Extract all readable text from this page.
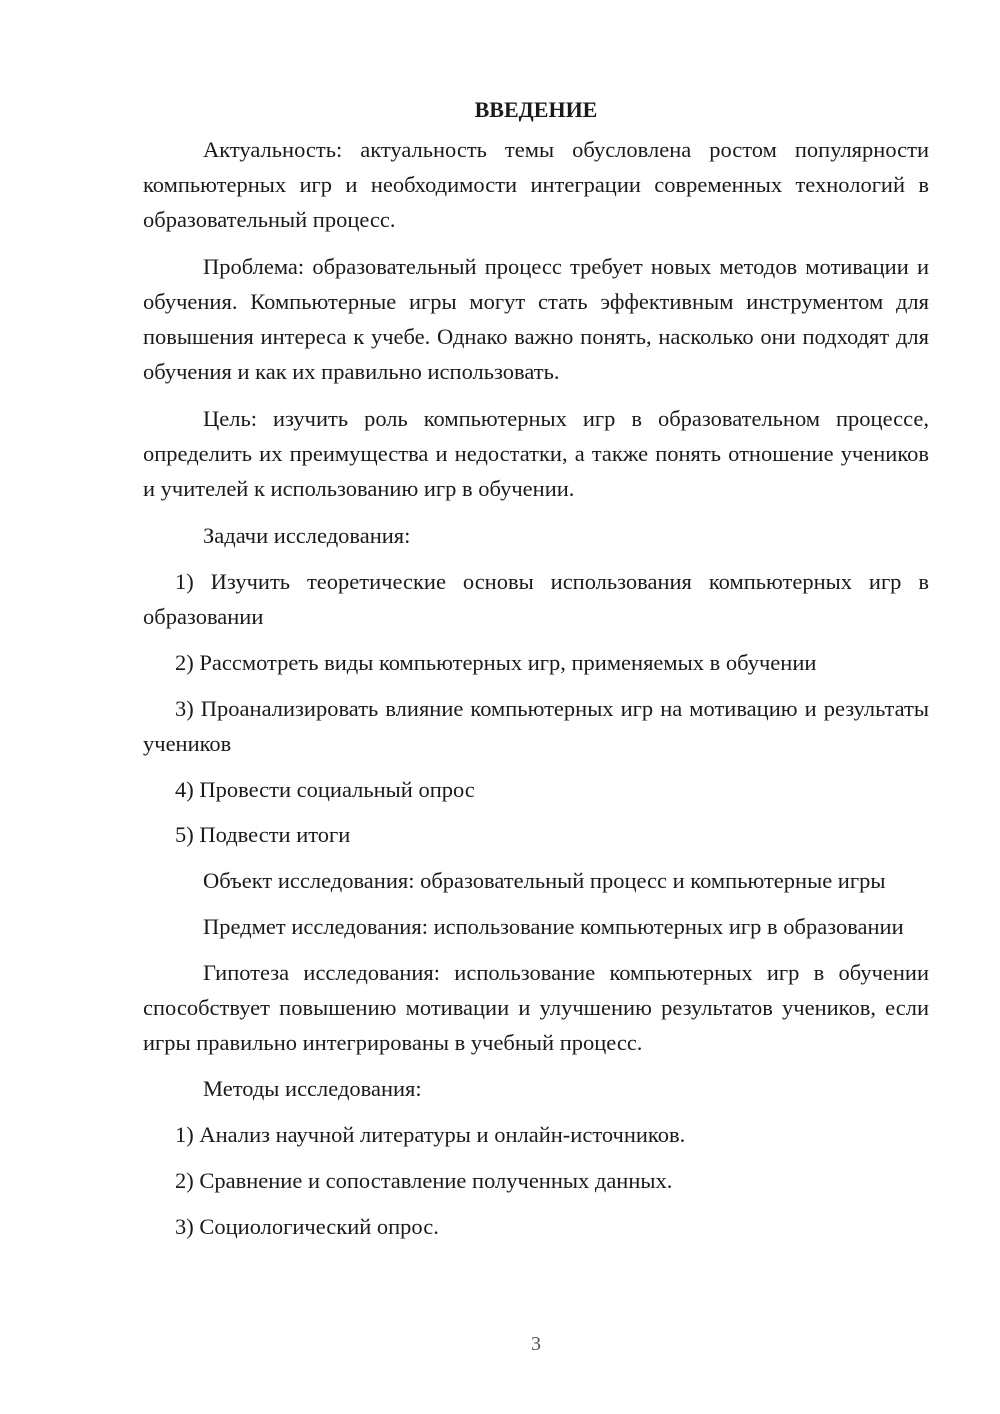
ВВЕДЕНИЕ

Актуальность: актуальность темы обусловлена ростом популярности компьютерных игр и необходимости интеграции современных технологий в образовательный процесс.

Проблема: образовательный процесс требует новых методов мотивации и обучения. Компьютерные игры могут стать эффективным инструментом для повышения интереса к учебе. Однако важно понять, насколько они подходят для обучения и как их правильно использовать.

Цель: изучить роль компьютерных игр в образовательном процессе, определить их преимущества и недостатки, а также понять отношение учеников и учителей к использованию игр в обучении.

Задачи исследования:

1) Изучить теоретические основы использования компьютерных игр в образовании

2) Рассмотреть виды компьютерных игр, применяемых в обучении

3) Проанализировать влияние компьютерных игр на мотивацию и результаты учеников

4) Провести социальный опрос

5) Подвести итоги

Объект исследования: образовательный процесс и компьютерные игры

Предмет исследования: использование компьютерных игр в образовании

Гипотеза исследования: использование компьютерных игр в обучении способствует повышению мотивации и улучшению результатов учеников, если игры правильно интегрированы в учебный процесс.

Методы исследования:

1) Анализ научной литературы и онлайн-источников.

2) Сравнение и сопоставление полученных данных.

3) Социологический опрос.

3
